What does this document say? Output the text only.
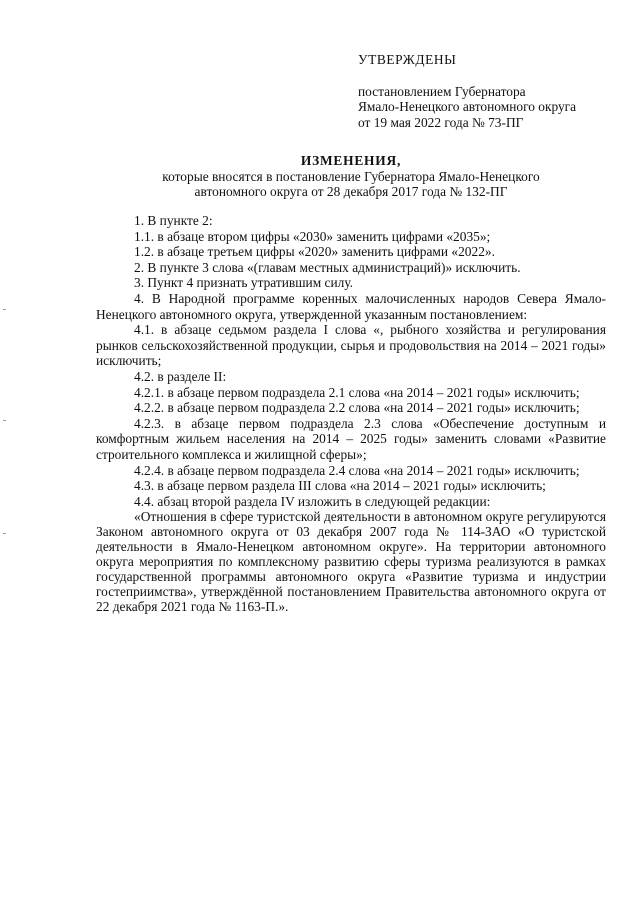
УТВЕРЖДЕНЫ
постановлением Губернатора
Ямало-Ненецкого автономного округа
от 19 мая 2022 года № 73-ПГ
ИЗМЕНЕНИЯ,
которые вносятся в постановление Губернатора Ямало-Ненецкого
автономного округа от 28 декабря 2017 года № 132-ПГ

1. В пункте 2:

1.1. в абзаце втором цифры «2030» заменить цифрами «2035»;

1.2. в абзаце третьем цифры «2020» заменить цифрами «2022».

2. В пункте 3 слова «(главам местных администраций)» исключить.

3. Пункт 4 признать утратившим силу.

4. В Народной программе коренных малочисленных народов Севера Ямало-Ненецкого автономного округа, утвержденной указанным постановлением:

4.1. в абзаце седьмом раздела I слова «, рыбного хозяйства и регулирования рынков сельскохозяйственной продукции, сырья и продовольствия на 2014 – 2021 годы» исключить;

4.2. в разделе II:

4.2.1. в абзаце первом подраздела 2.1 слова «на 2014 – 2021 годы» исключить;

4.2.2. в абзаце первом подраздела 2.2 слова «на 2014 – 2021 годы» исключить;

4.2.3. в абзаце первом подраздела 2.3 слова «Обеспечение доступным и комфортным жильем населения на 2014 – 2025 годы» заменить словами «Развитие строительного комплекса и жилищной сферы»;

4.2.4. в абзаце первом подраздела 2.4 слова «на 2014 – 2021 годы» исключить;

4.3. в абзаце первом раздела III слова «на 2014 – 2021 годы» исключить;

4.4. абзац второй раздела IV изложить в следующей редакции:

«Отношения в сфере туристской деятельности в автономном округе регулируются Законом автономного округа от 03 декабря 2007 года № 114-ЗАО «О туристской деятельности в Ямало-Ненецком автономном округе». На территории автономного округа мероприятия по комплексному развитию сферы туризма реализуются в рамках государственной программы автономного округа «Развитие туризма и индустрии гостеприимства», утверждённой постановлением Правительства автономного округа от 22 декабря 2021 года № 1163-П.».
